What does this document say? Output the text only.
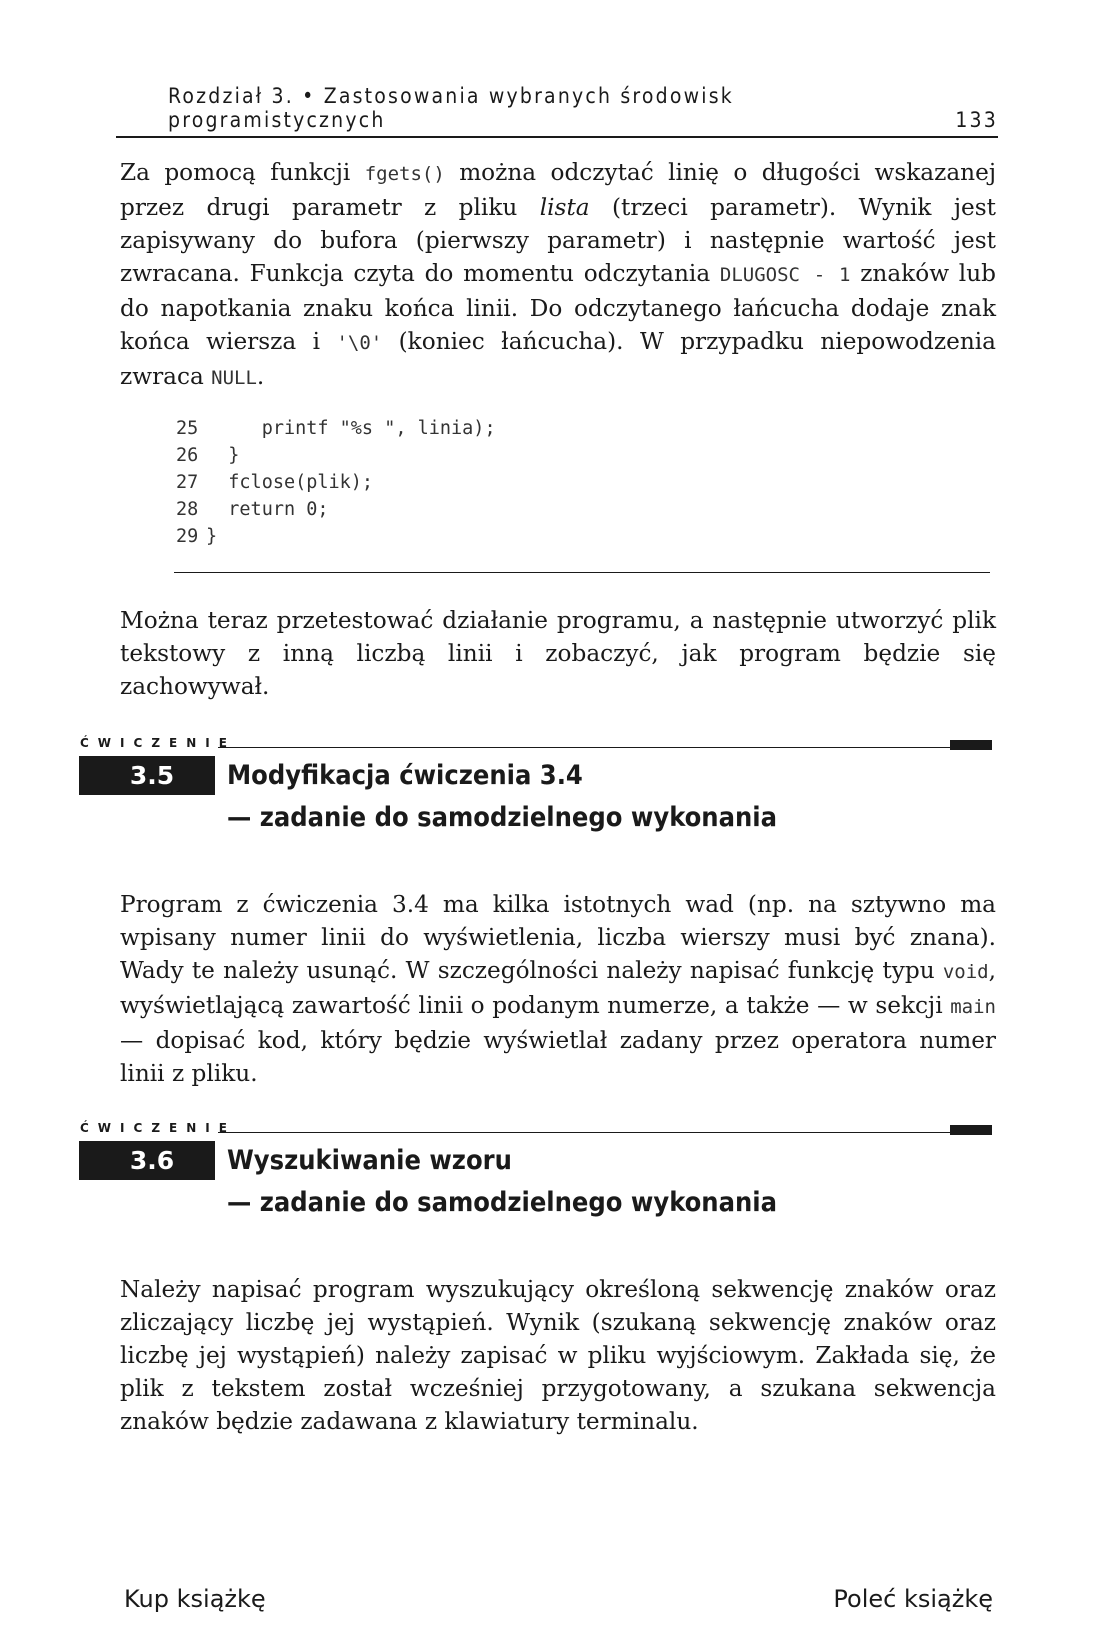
Rozdział 3. • Zastosowania wybranych środowisk programistycznych	133

Za pomocą funkcji fgets() można odczytać linię o długości wskazanej przez drugi parametr z pliku lista (trzeci parametr). Wynik jest zapisywany do bufora (pierwszy parametr) i następnie wartość jest zwracana. Funkcja czyta do momentu odczytania DLUGOSC - 1 znaków lub do napotkania znaku końca linii. Do odczytanego łańcucha dodaje znak końca wiersza i '\0' (koniec łańcucha). W przypadku niepowodzenia zwraca NULL.

25 printf "%s ", linia);
26 }
27 fclose(plik);
28 return 0;
29 }

Można teraz przetestować działanie programu, a następnie utworzyć plik tekstowy z inną liczbą linii i zobaczyć, jak program będzie się zachowywał.

ĆWICZENIE
3.5	Modyfikacja ćwiczenia 3.4
— zadanie do samodzielnego wykonania

Program z ćwiczenia 3.4 ma kilka istotnych wad (np. na sztywno ma wpisany numer linii do wyświetlenia, liczba wierszy musi być znana). Wady te należy usunąć. W szczególności należy napisać funkcję typu void, wyświetlającą zawartość linii o podanym numerze, a także — w sekcji main — dopisać kod, który będzie wyświetlał zadany przez operatora numer linii z pliku.

ĆWICZENIE
3.6	Wyszukiwanie wzoru
— zadanie do samodzielnego wykonania

Należy napisać program wyszukujący określoną sekwencję znaków oraz zliczający liczbę jej wystąpień. Wynik (szukaną sekwencję znaków oraz liczbę jej wystąpień) należy zapisać w pliku wyjściowym. Zakłada się, że plik z tekstem został wcześniej przygotowany, a szukana sekwencja znaków będzie zadawana z klawiatury terminalu.

Kup książkę	Poleć książkę
